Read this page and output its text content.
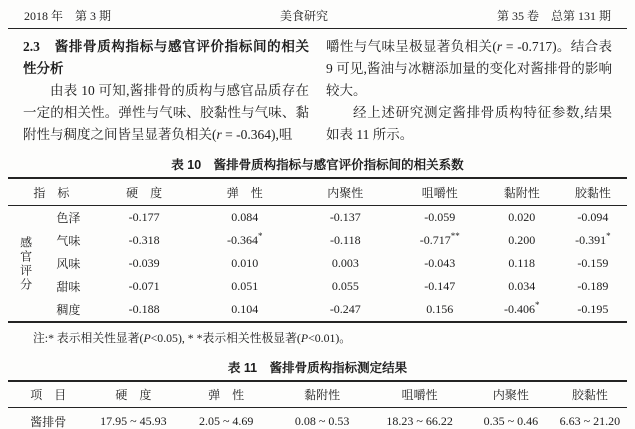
2018 年　第 3 期	美食研究	第 35 卷　总第 131 期

2.3　酱排骨质构指标与感官评价指标间的相关性分析

由表 10 可知,酱排骨的质构与感官品质存在一定的相关性。弹性与气味、胶黏性与气味、黏附性与稠度之间皆呈显著负相关(r = -0.364),咀

嚼性与气味呈极显著负相关(r = -0.717)。结合表 9 可见,酱油与冰糖添加量的变化对酱排骨的影响较大。

经上述研究测定酱排骨质构特征参数,结果如表 11 所示。

表 10　酱排骨质构指标与感官评价指标间的相关系数
指　标		硬　度	弹　性	内聚性	咀嚼性	黏附性	胶黏性

感官评分	色泽	-0.177	0.084	-0.137	-0.059	0.020	-0.094
	气味	-0.318	-0.364*	-0.118	-0.717**	0.200	-0.391*
	风味	-0.039	0.010	0.003	-0.043	0.118	-0.159
	甜味	-0.071	0.051	0.055	-0.147	0.034	-0.189
	稠度	-0.188	0.104	-0.247	0.156	-0.406*	-0.195
注:* 表示相关性显著(P<0.05), * *表示相关性极显著(P<0.01)。
表 11　酱排骨质构指标测定结果
项　目	硬　度	弹　性	黏附性	咀嚼性	内聚性	胶黏性
酱排骨	17.95 ~ 45.93	2.05 ~ 4.69	0.08 ~ 0.53	18.23 ~ 66.22	0.35 ~ 0.46	6.63 ~ 21.20
